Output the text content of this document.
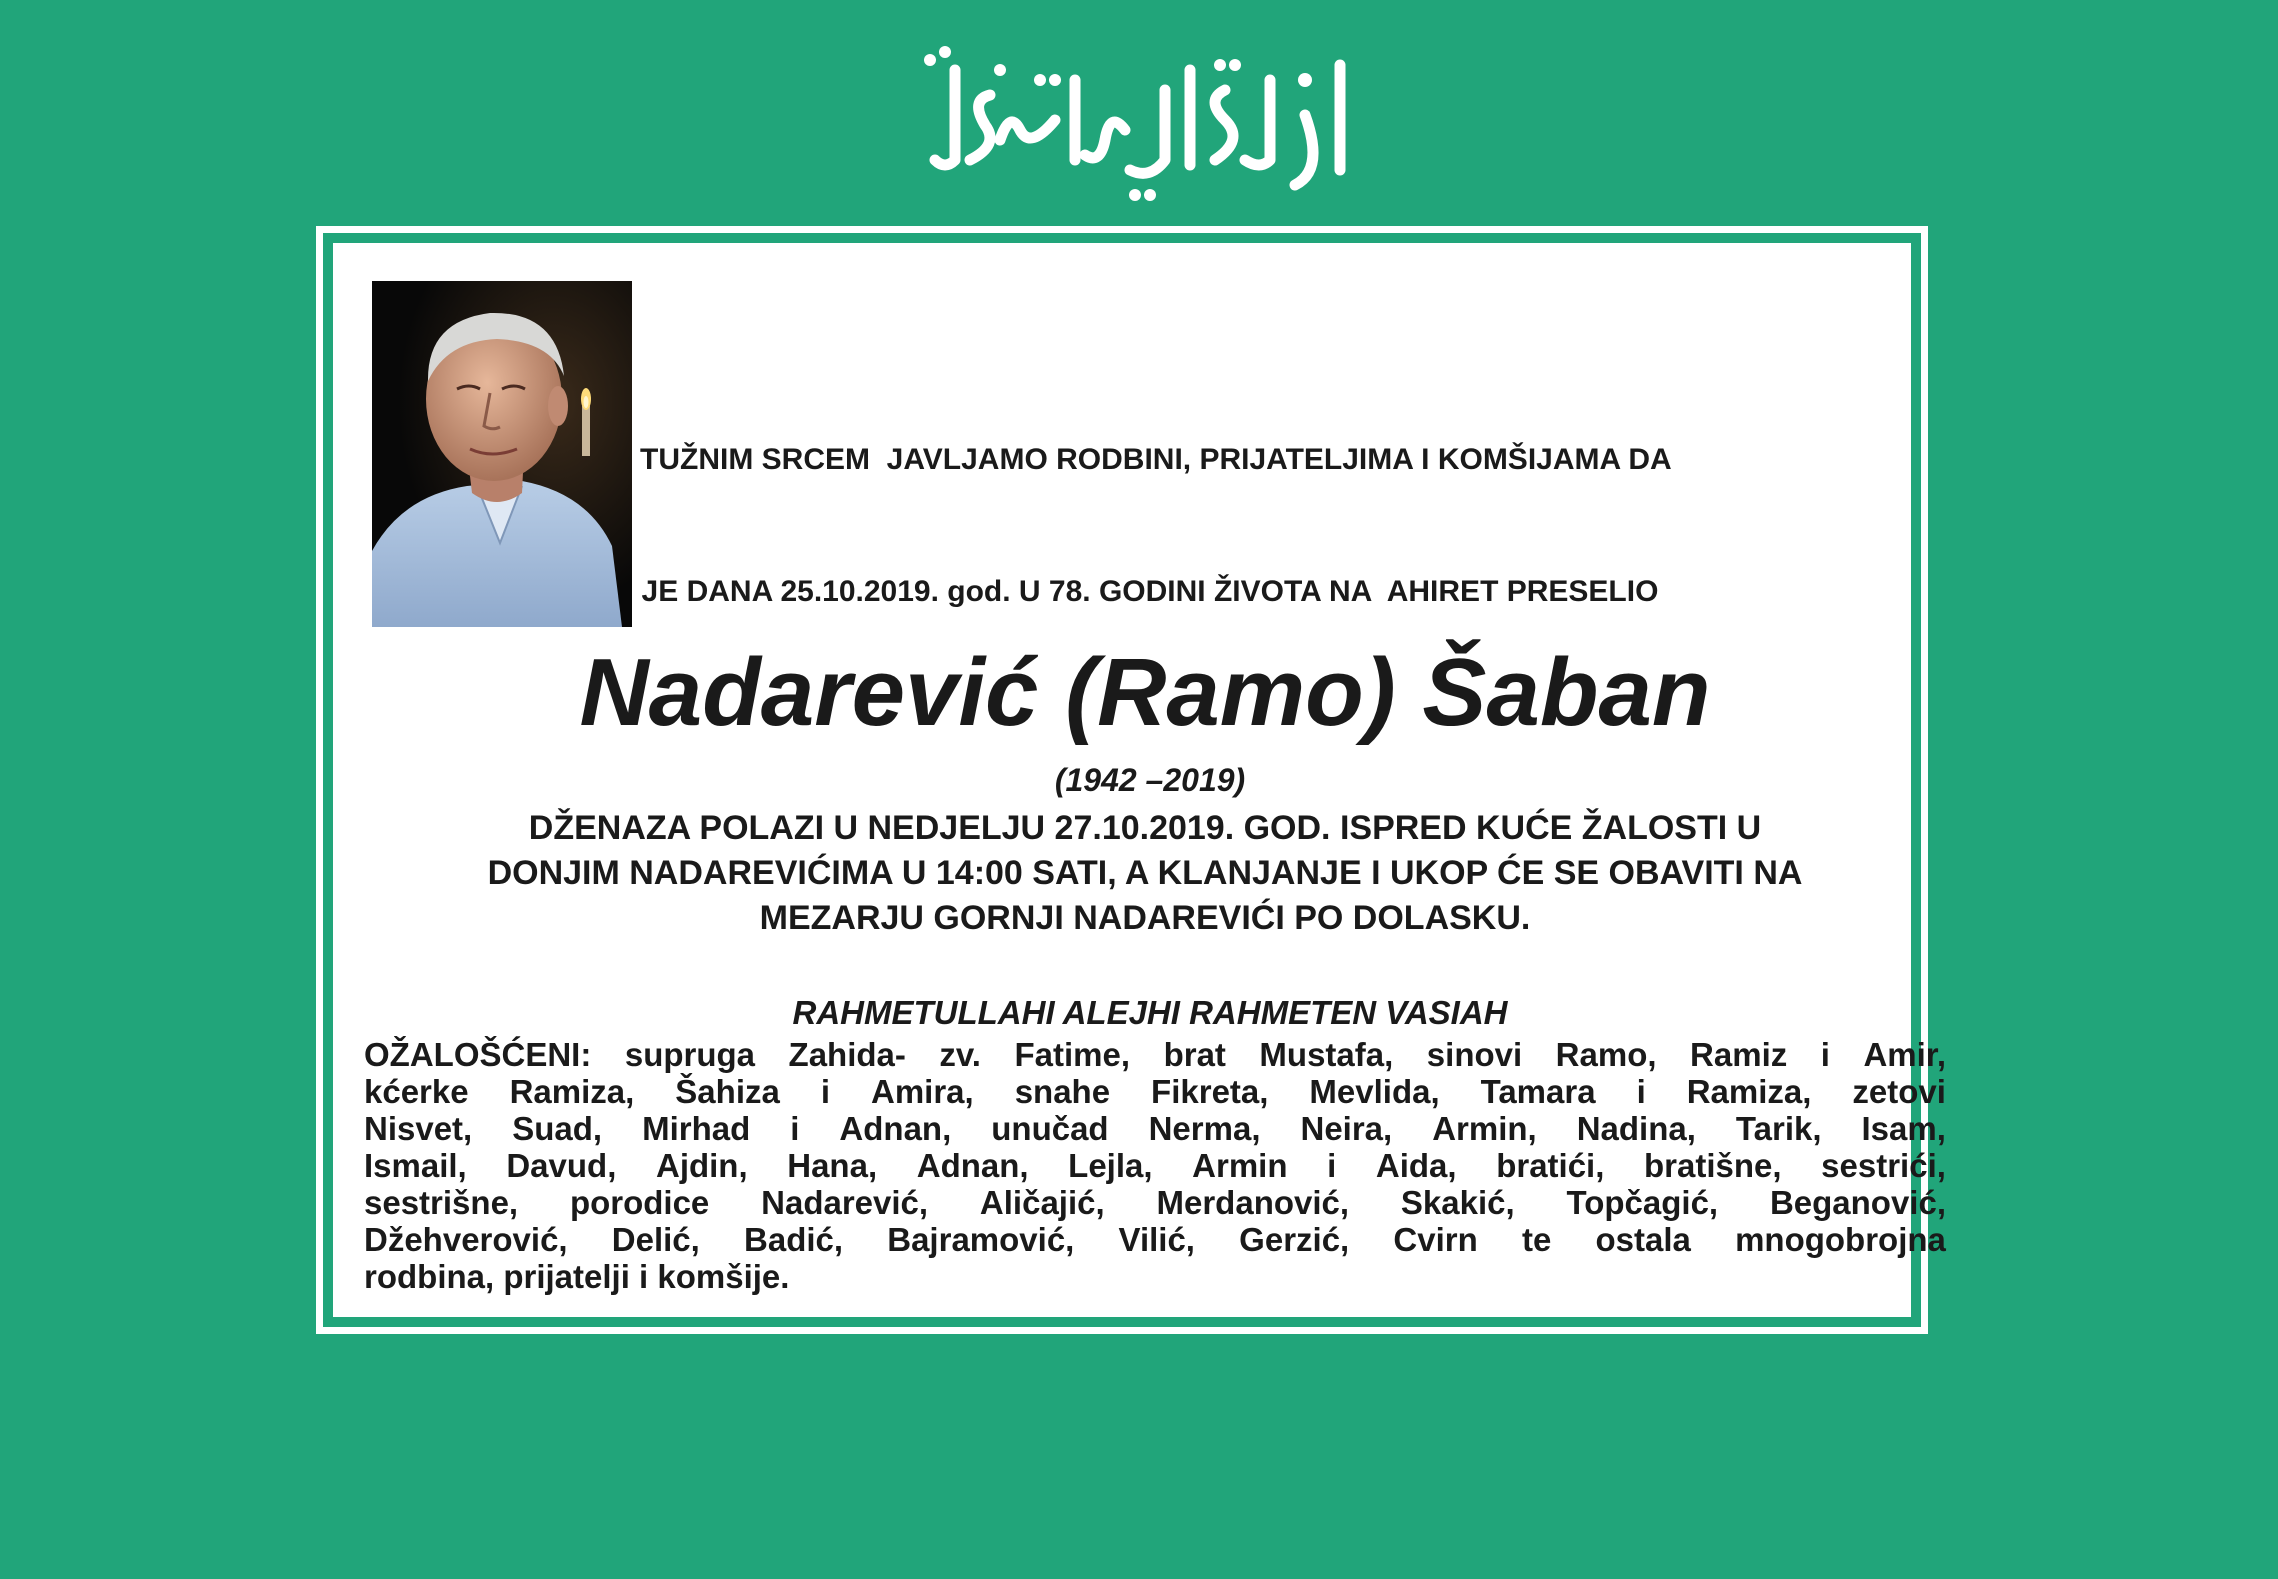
TUŽNIM SRCEM  JAVLJAMO RODBINI, PRIJATELJIMA I KOMŠIJAMA DA

JE DANA 25.10.2019. god. U 78. GODINI ŽIVOTA NA  AHIRET PRESELIO

Nadarević (Ramo) Šaban
(1942 –2019)
DŽENAZA POLAZI U NEDJELJU 27.10.2019. GOD. ISPRED KUĆE ŽALOSTI U
DONJIM NADAREVIĆIMA U 14:00 SATI, A KLANJANJE I UKOP ĆE SE OBAVITI NA
MEZARJU GORNJI NADAREVIĆI PO DOLASKU.
RAHMETULLAHI ALEJHI RAHMETEN VASIAH
OŽALOŠĆENI: supruga Zahida- zv. Fatime, brat Mustafa, sinovi Ramo, Ramiz i Amir,
kćerke Ramiza, Šahiza i Amira, snahe Fikreta, Mevlida, Tamara i Ramiza, zetovi
Nisvet, Suad, Mirhad i Adnan, unučad Nerma, Neira, Armin, Nadina, Tarik, Isam,
Ismail, Davud, Ajdin, Hana, Adnan, Lejla, Armin i Aida, bratići, bratišne, sestrići,
sestrišne, porodice Nadarević, Aličajić, Merdanović, Skakić, Topčagić, Beganović,
Džehverović, Delić, Badić, Bajramović, Vilić, Gerzić, Cvirn te ostala mnogobrojna
rodbina, prijatelji i komšije.
